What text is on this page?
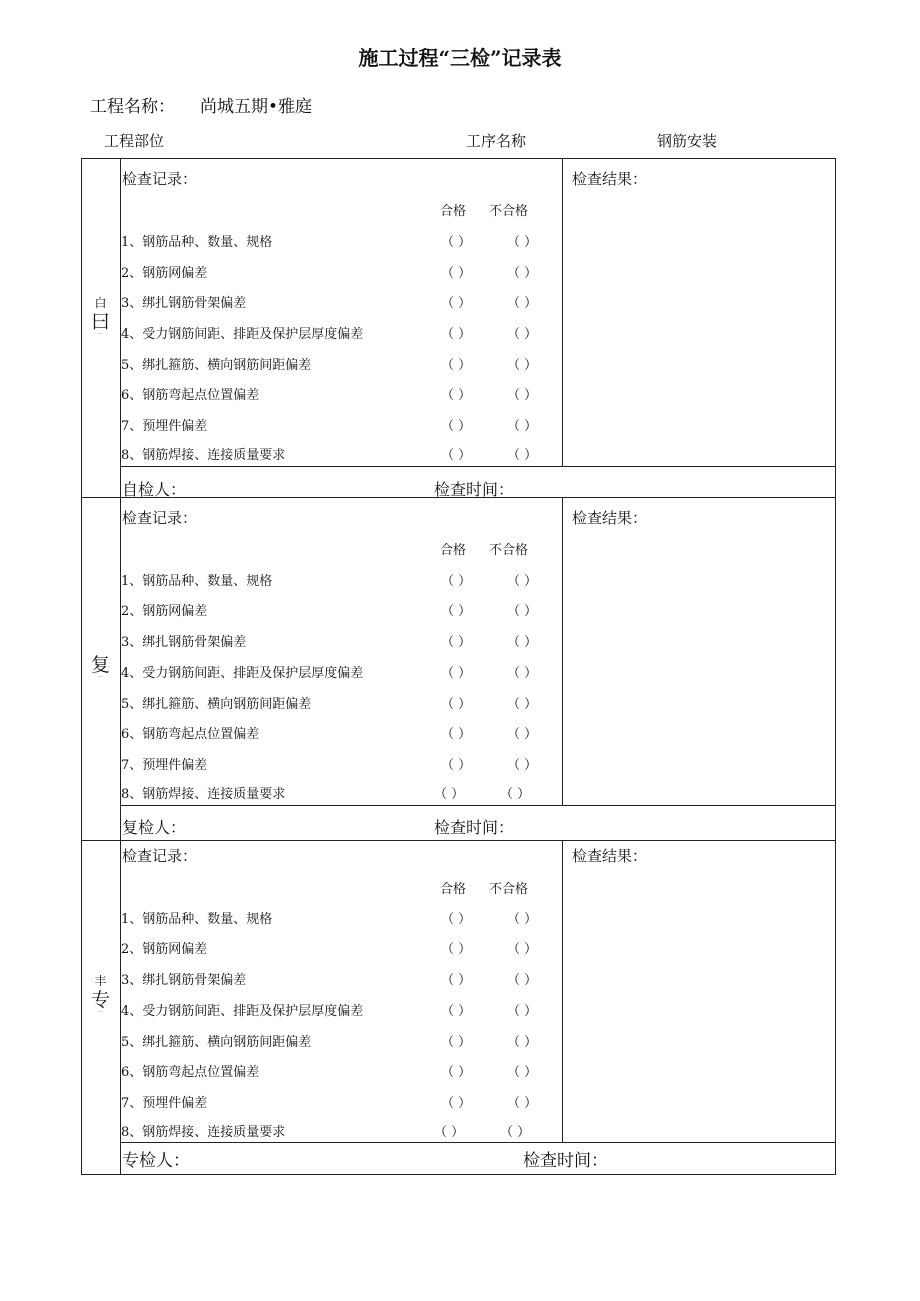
施工过程“三检”记录表
工程名称： 尚城五期•雅庭
工程部位	工序名称	钢筋安装
白
曰
﹊
检查记录：	检查结果：
合格 不合格
1、钢筋品种、数量、规格	（ ）	（ ）
2、钢筋网偏差	（ ）	（ ）
3、绑扎钢筋骨架偏差	（ ）	（ ）
4、受力钢筋间距、排距及保护层厚度偏差	（ ）	（ ）
5、绑扎箍筋、横向钢筋间距偏差	（ ）	（ ）
6、钢筋弯起点位置偏差	（ ）	（ ）
7、预埋件偏差	（ ）	（ ）
8、钢筋焊接、连接质量要求	（ ）	（ ）
自检人：	检查时间：
复
﹊
检查记录：	检查结果：
合格 不合格
1、钢筋品种、数量、规格	（ ）	（ ）
2、钢筋网偏差	（ ）	（ ）
3、绑扎钢筋骨架偏差	（ ）	（ ）
4、受力钢筋间距、排距及保护层厚度偏差	（ ）	（ ）
5、绑扎箍筋、横向钢筋间距偏差	（ ）	（ ）
6、钢筋弯起点位置偏差	（ ）	（ ）
7、预埋件偏差	（ ）	（ ）
8、钢筋焊接、连接质量要求	（ ）	（ ）
复检人：	检查时间：
丰
专
﹊
检查记录：	检查结果：
合格 不合格
1、钢筋品种、数量、规格	（ ）	（ ）
2、钢筋网偏差	（ ）	（ ）
3、绑扎钢筋骨架偏差	（ ）	（ ）
4、受力钢筋间距、排距及保护层厚度偏差	（ ）	（ ）
5、绑扎箍筋、横向钢筋间距偏差	（ ）	（ ）
6、钢筋弯起点位置偏差	（ ）	（ ）
7、预埋件偏差	（ ）	（ ）
8、钢筋焊接、连接质量要求	（ ）	（ ）
专检人：	检查时间：
